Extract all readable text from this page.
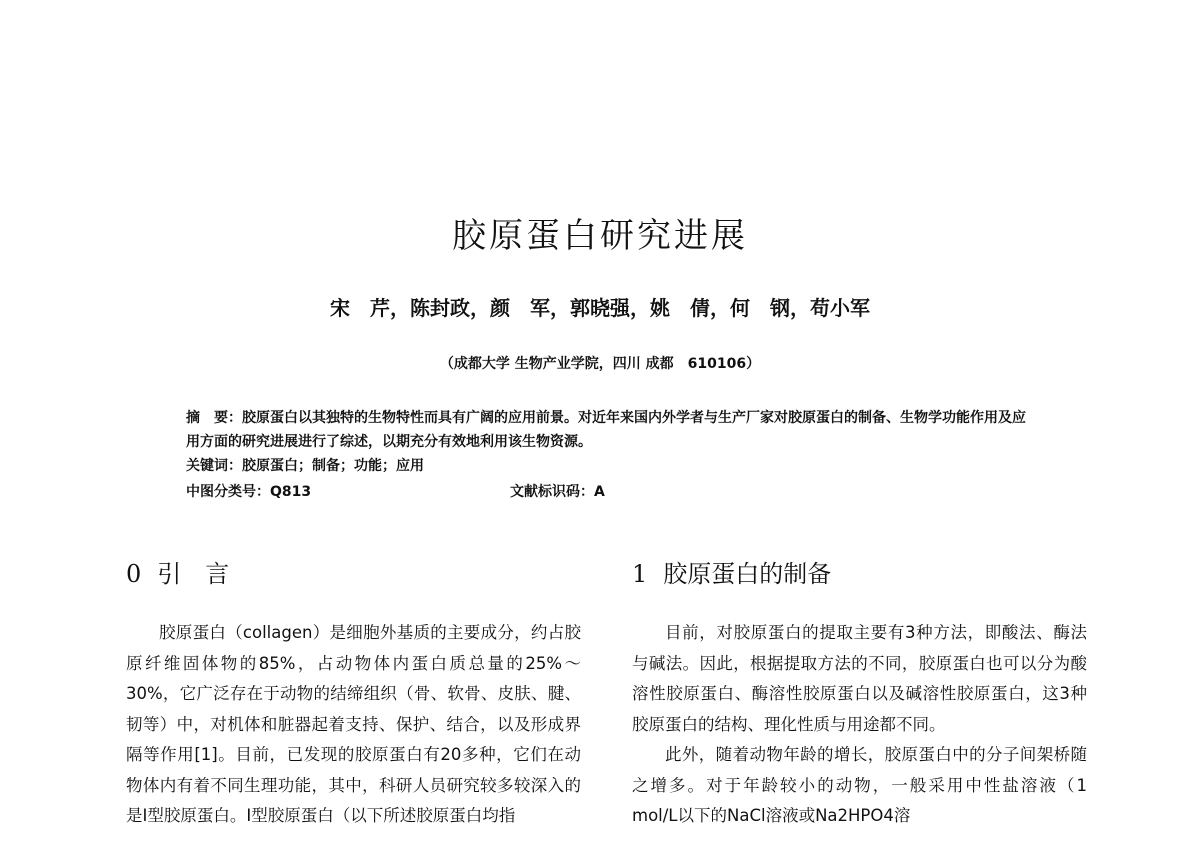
胶原蛋白研究进展
宋　芹，陈封政，颜　军，郭晓强，姚　倩，何　钢，苟小军
（成都大学 生物产业学院，四川 成都　610106）

摘　要：胶原蛋白以其独特的生物特性而具有广阔的应用前景。对近年来国内外学者与生产厂家对胶原蛋白的制备、生物学功能作用及应用方面的研究进展进行了综述，以期充分有效地利用该生物资源。

关键词：胶原蛋白；制备；功能；应用

中图分类号：Q813	文献标识码：A
0 引　言

胶原蛋白（collagen）是细胞外基质的主要成分，约占胶原纤维固体物的85%，占动物体内蛋白质总量的25%～30%，它广泛存在于动物的结缔组织（骨、软骨、皮肤、腱、韧等）中，对机体和脏器起着支持、保护、结合，以及形成界隔等作用[1]。目前，已发现的胶原蛋白有20多种，它们在动物体内有着不同生理功能，其中，科研人员研究较多较深入的是Ⅰ型胶原蛋白。Ⅰ型胶原蛋白（以下所述胶原蛋白均指

1 胶原蛋白的制备

目前，对胶原蛋白的提取主要有3种方法，即酸法、酶法与碱法。因此，根据提取方法的不同，胶原蛋白也可以分为酸溶性胶原蛋白、酶溶性胶原蛋白以及碱溶性胶原蛋白，这3种胶原蛋白的结构、理化性质与用途都不同。

此外，随着动物年龄的增长，胶原蛋白中的分子间架桥随之增多。对于年龄较小的动物，一般采用中性盐溶液（1 mol/L以下的NaCl溶液或Na2HPO4溶
